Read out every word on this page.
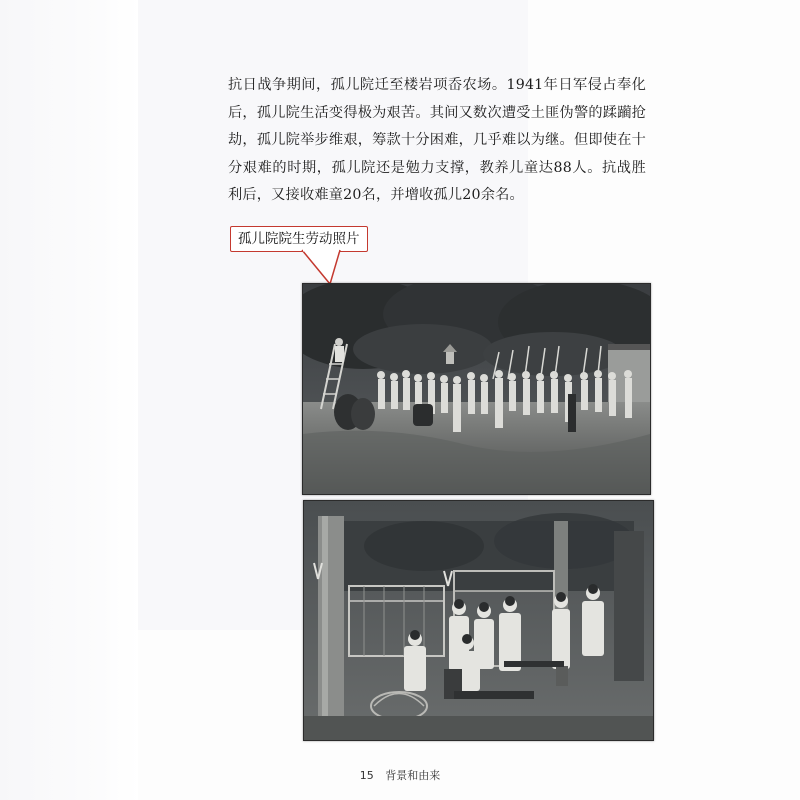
抗日战争期间，孤儿院迁至楼岩项岙农场。1941年日军侵占奉化后，孤儿院生活变得极为艰苦。其间又数次遭受土匪伪警的蹂躏抢劫，孤儿院举步维艰，筹款十分困难，几乎难以为继。但即使在十分艰难的时期，孤儿院还是勉力支撑，教养儿童达88人。抗战胜利后，又接收难童20名，并增收孤儿20余名。

孤儿院院生劳动照片
15 背景和由来
